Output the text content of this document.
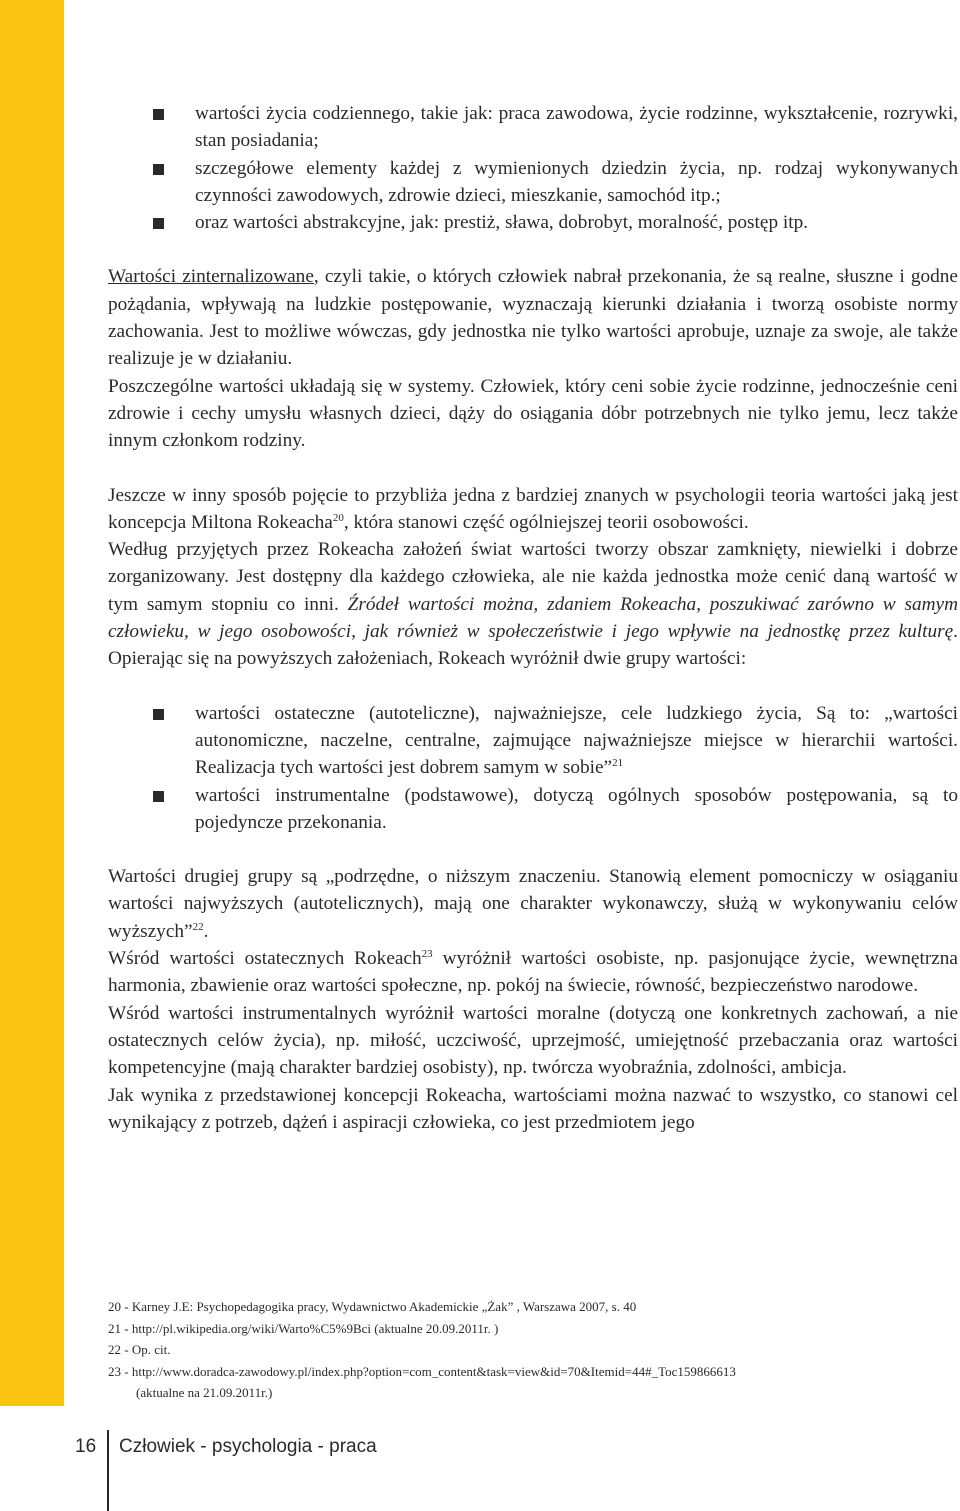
wartości życia codziennego, takie jak: praca zawodowa, życie rodzinne, wykształcenie, rozrywki, stan posiadania;
szczegółowe elementy każdej z wymienionych dziedzin życia, np. rodzaj wykonywanych czynności zawodowych, zdrowie dzieci, mieszkanie, samochód itp.;
oraz wartości abstrakcyjne, jak: prestiż, sława, dobrobyt, moralność, postęp itp.

Wartości zinternalizowane, czyli takie, o których człowiek nabrał przekonania, że są realne, słuszne i godne pożądania, wpływają na ludzkie postępowanie, wyznaczają kierunki działania i tworzą osobiste normy zachowania. Jest to możliwe wówczas, gdy jednostka nie tylko wartości aprobuje, uznaje za swoje, ale także realizuje je w działaniu.
Poszczególne wartości układają się w systemy. Człowiek, który ceni sobie życie rodzinne, jednocześnie ceni zdrowie i cechy umysłu własnych dzieci, dąży do osiągania dóbr potrzebnych nie tylko jemu, lecz także innym członkom rodziny.

Jeszcze w inny sposób pojęcie to przybliża jedna z bardziej znanych w psychologii teoria wartości jaką jest koncepcja Miltona Rokeacha$^{20}$, która stanowi część ogólniejszej teorii osobowości.
Według przyjętych przez Rokeacha założeń świat wartości tworzy obszar zamknięty, niewielki i dobrze zorganizowany. Jest dostępny dla każdego człowieka, ale nie każda jednostka może cenić daną wartość w tym samym stopniu co inni. Źródeł wartości można, zdaniem Rokeacha, poszukiwać zarówno w samym człowieku, w jego osobowości, jak również w społeczeństwie i jego wpływie na jednostkę przez kulturę. Opierając się na powyższych założeniach, Rokeach wyróżnił dwie grupy wartości:

wartości ostateczne (autoteliczne), najważniejsze, cele ludzkiego życia, Są to: „wartości autonomiczne, naczelne, centralne, zajmujące najważniejsze miejsce w hierarchii wartości. Realizacja tych wartości jest dobrem samym w sobie”$^{21}$
wartości instrumentalne (podstawowe), dotyczą ogólnych sposobów postępowania, są to pojedyncze przekonania.

Wartości drugiej grupy są „podrzędne, o niższym znaczeniu. Stanowią element pomocniczy w osiąganiu wartości najwyższych (autotelicznych), mają one charakter wykonawczy, służą w wykonywaniu celów wyższych”$^{22}$.
Wśród wartości ostatecznych Rokeach$^{23}$ wyróżnił wartości osobiste, np. pasjonujące życie, wewnętrzna harmonia, zbawienie oraz wartości społeczne, np. pokój na świecie, równość, bezpieczeństwo narodowe.
Wśród wartości instrumentalnych wyróżnił wartości moralne (dotyczą one konkretnych zachowań, a nie ostatecznych celów życia), np. miłość, uczciwość, uprzejmość, umiejętność przebaczania oraz wartości kompetencyjne (mają charakter bardziej osobisty), np. twórcza wyobraźnia, zdolności, ambicja.
Jak wynika z przedstawionej koncepcji Rokeacha, wartościami można nazwać to wszystko, co stanowi cel wynikający z potrzeb, dążeń i aspiracji człowieka, co jest przedmiotem jego

20 - Karney J.E: Psychopedagogika pracy, Wydawnictwo Akademickie „Żak” , Warszawa 2007, s. 40

21 - http://pl.wikipedia.org/wiki/Warto%C5%9Bci (aktualne 20.09.2011r. )

22 - Op. cit.

23 - http://www.doradca-zawodowy.pl/index.php?option=com_content&task=view&id=70&Itemid=44#_Toc159866613

(aktualne na 21.09.2011r.)

16 Człowiek - psychologia - praca
